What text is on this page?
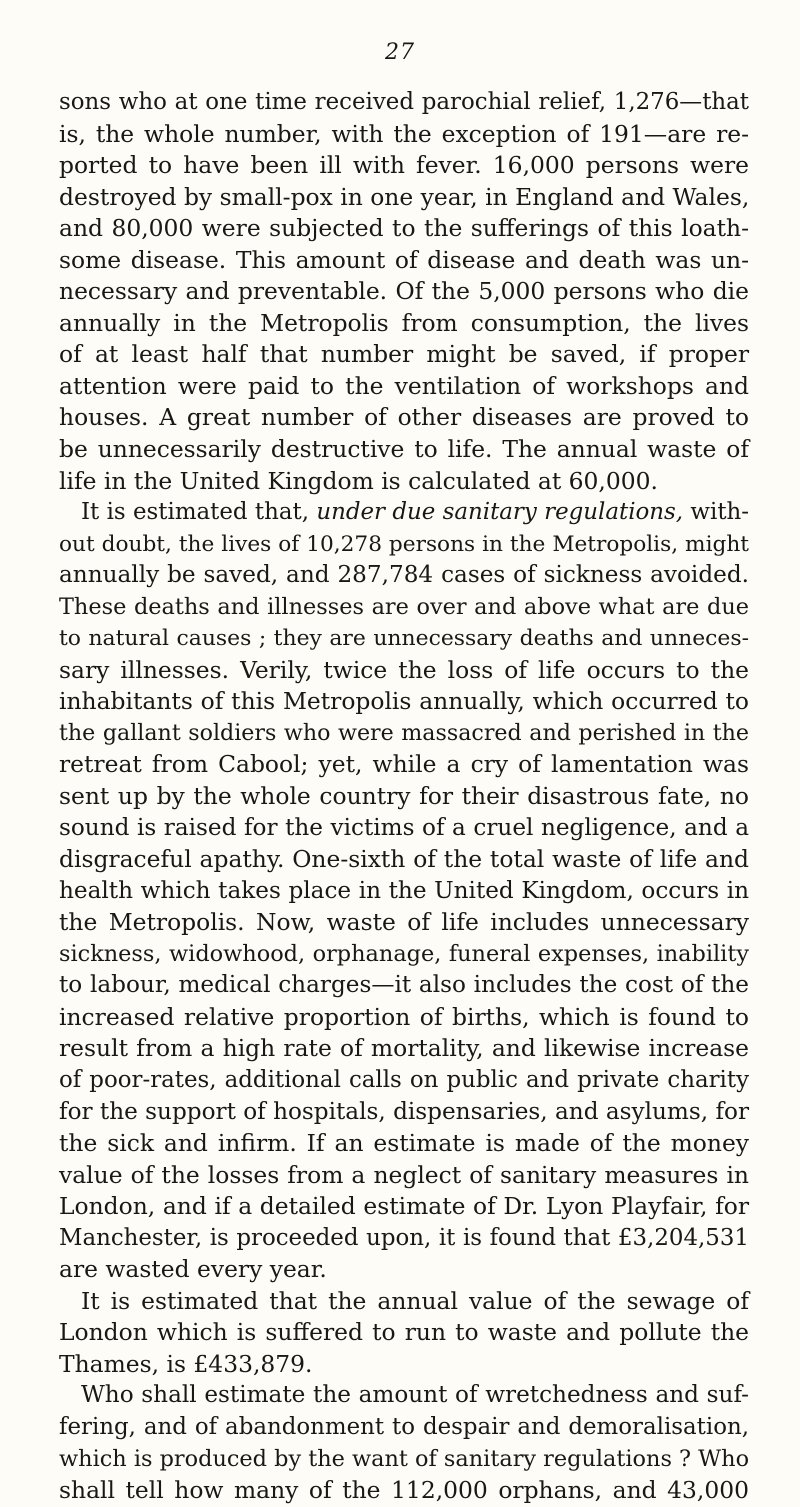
27
sons who at one time received parochial relief, 1,276—that
is, the whole number, with the exception of 191—are re-
ported to have been ill with fever. 16,000 persons were
destroyed by small-pox in one year, in England and Wales,
and 80,000 were subjected to the sufferings of this loath-
some disease. This amount of disease and death was un-
necessary and preventable. Of the 5,000 persons who die
annually in the Metropolis from consumption, the lives
of at least half that number might be saved, if proper
attention were paid to the ventilation of workshops and
houses. A great number of other diseases are proved to
be unnecessarily destructive to life. The annual waste of
life in the United Kingdom is calculated at 60,000.
It is estimated that, under due sanitary regulations, with-
out doubt, the lives of 10,278 persons in the Metropolis, might
annually be saved, and 287,784 cases of sickness avoided.
These deaths and illnesses are over and above what are due
to natural causes ; they are unnecessary deaths and unneces-
sary illnesses. Verily, twice the loss of life occurs to the
inhabitants of this Metropolis annually, which occurred to
the gallant soldiers who were massacred and perished in the
retreat from Cabool; yet, while a cry of lamentation was
sent up by the whole country for their disastrous fate, no
sound is raised for the victims of a cruel negligence, and a
disgraceful apathy. One-sixth of the total waste of life and
health which takes place in the United Kingdom, occurs in
the Metropolis. Now, waste of life includes unnecessary
sickness, widowhood, orphanage, funeral expenses, inability
to labour, medical charges—it also includes the cost of the
increased relative proportion of births, which is found to
result from a high rate of mortality, and likewise increase
of poor-rates, additional calls on public and private charity
for the support of hospitals, dispensaries, and asylums, for
the sick and infirm. If an estimate is made of the money
value of the losses from a neglect of sanitary measures in
London, and if a detailed estimate of Dr. Lyon Playfair, for
Manchester, is proceeded upon, it is found that £3,204,531
are wasted every year.
It is estimated that the annual value of the sewage of
London which is suffered to run to waste and pollute the
Thames, is £433,879.
Who shall estimate the amount of wretchedness and suf-
fering, and of abandonment to despair and demoralisation,
which is produced by the want of sanitary regulations ? Who
shall tell how many of the 112,000 orphans, and 43,000
